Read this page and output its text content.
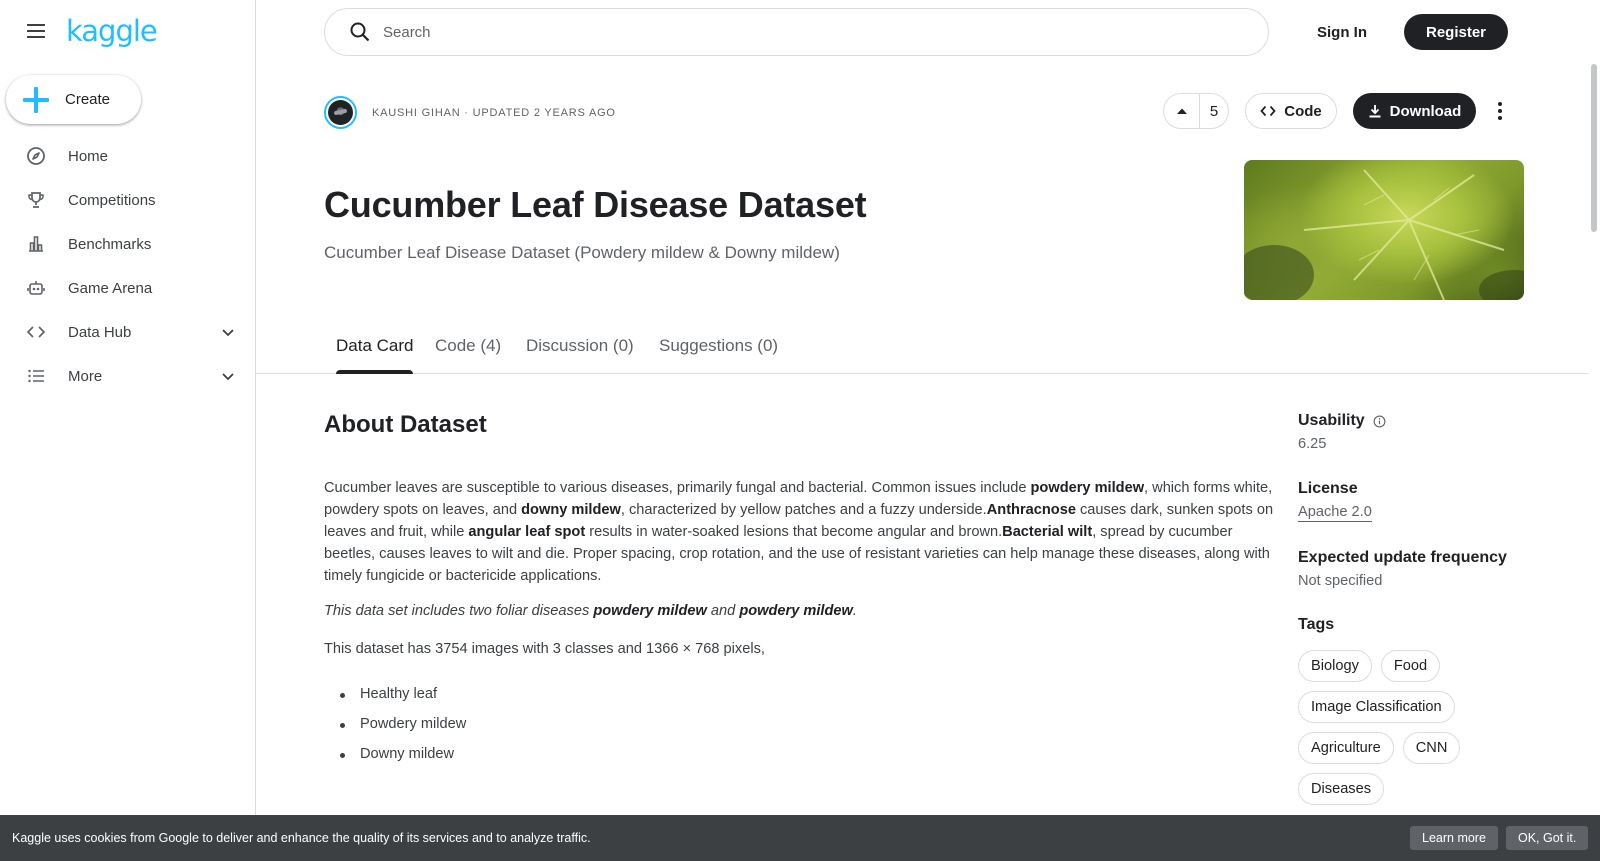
kaggle
Create
Home
Competitions
Benchmarks
Game Arena
Data Hub
More
Search
Sign In	Register
KAUSHI GIHAN · UPDATED 2 YEARS AGO	5	Code	Download
Cucumber Leaf Disease Dataset
Cucumber Leaf Disease Dataset (Powdery mildew & Downy mildew)
Data Card Code (4) Discussion (0) Suggestions (0)
About Dataset

Cucumber leaves are susceptible to various diseases, primarily fungal and bacterial. Common issues include powdery mildew, which forms white, powdery spots on leaves, and downy mildew, characterized by yellow patches and a fuzzy underside.Anthracnose causes dark, sunken spots on leaves and fruit, while angular leaf spot results in water-soaked lesions that become angular and brown.Bacterial wilt, spread by cucumber beetles, causes leaves to wilt and die. Proper spacing, crop rotation, and the use of resistant varieties can help manage these diseases, along with timely fungicide or bactericide applications.

This data set includes two foliar diseases powdery mildew and powdery mildew.

This dataset has 3754 images with 3 classes and 1366 × 768 pixels,

Healthy leaf
Powdery mildew
Downy mildew
Usability
6.25
License
Apache 2.0
Expected update frequency
Not specified
Tags
Biology	Food
Image Classification
Agriculture	CNN
Diseases
Kaggle uses cookies from Google to deliver and enhance the quality of its services and to analyze traffic.	Learn more	OK, Got it.
